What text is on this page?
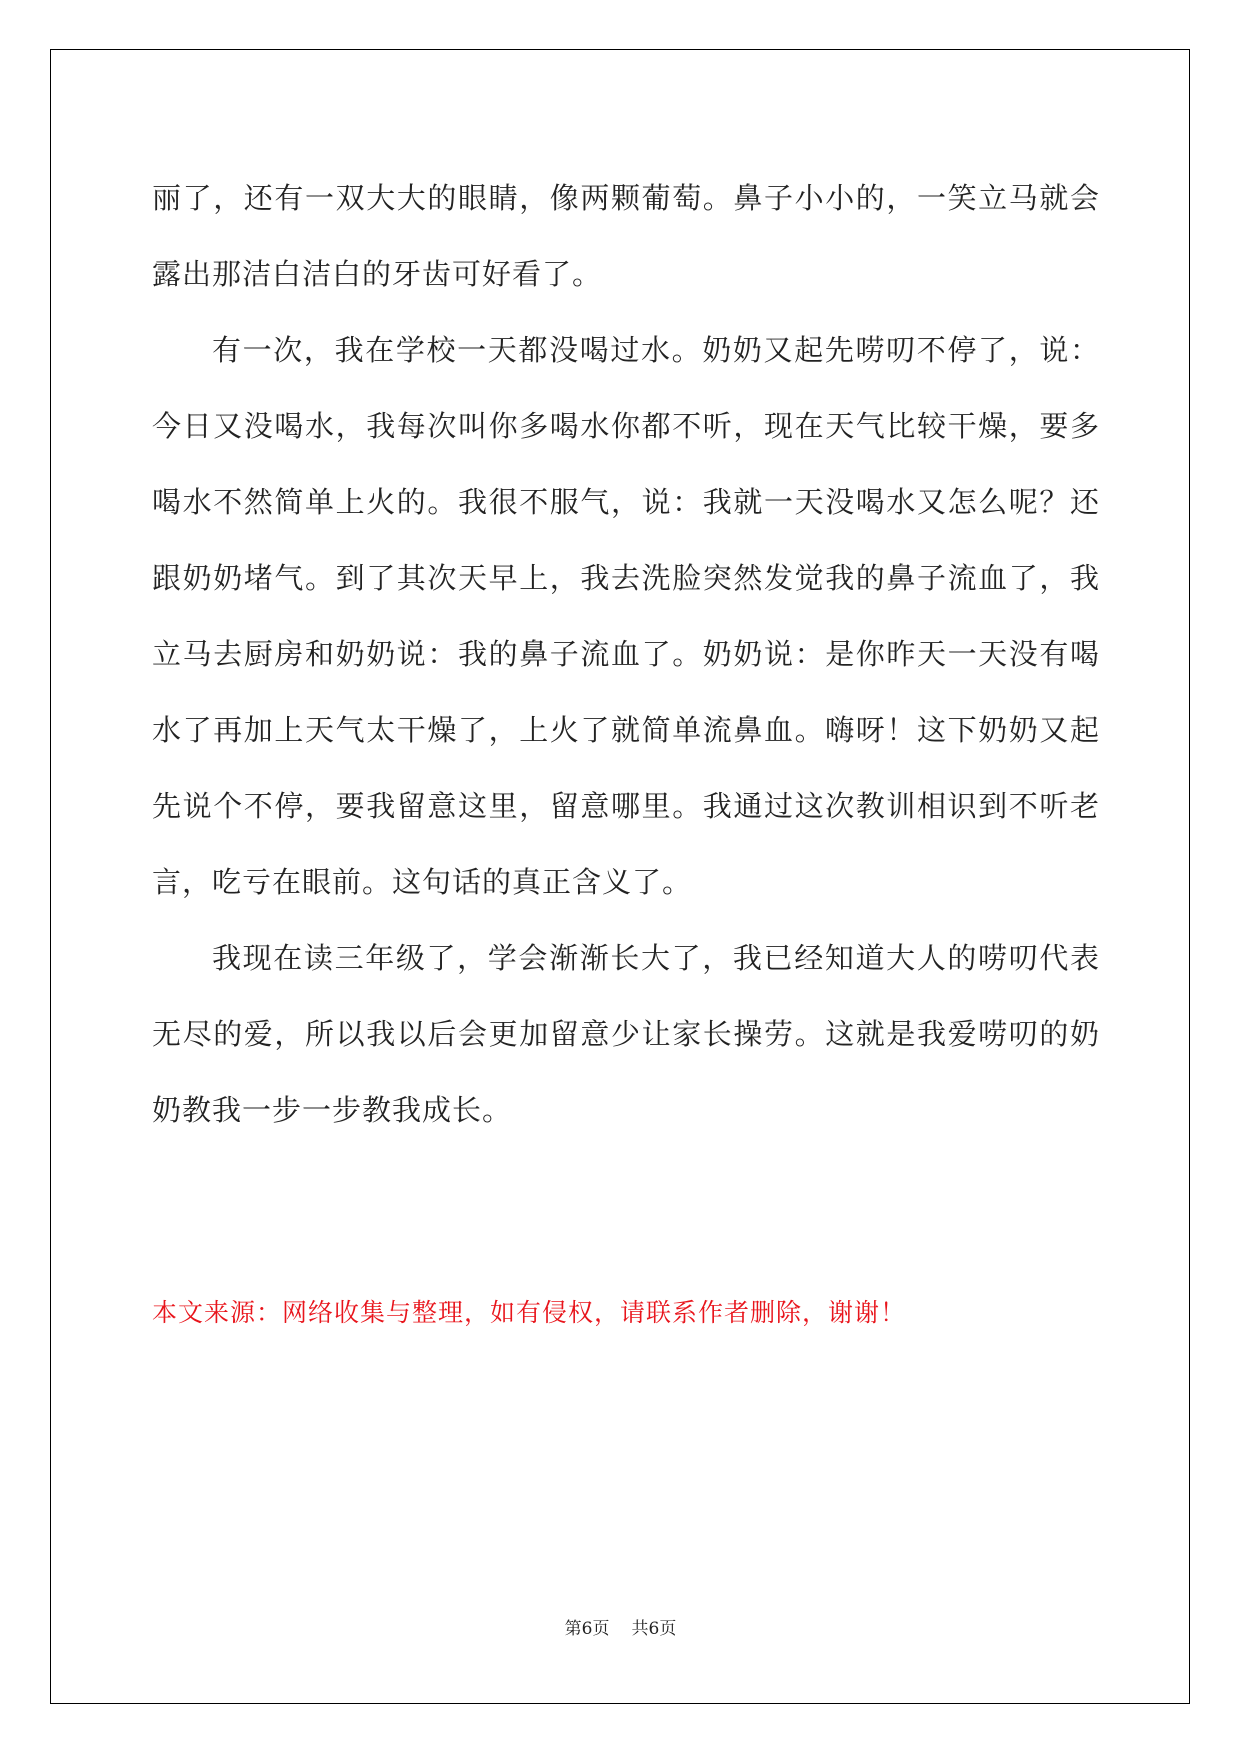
丽了，还有一双大大的眼睛，像两颗葡萄。鼻子小小的，一笑立马就会露出那洁白洁白的牙齿可好看了。

有一次，我在学校一天都没喝过水。奶奶又起先唠叨不停了，说：今日又没喝水，我每次叫你多喝水你都不听，现在天气比较干燥，要多喝水不然简单上火的。我很不服气，说：我就一天没喝水又怎么呢？还跟奶奶堵气。到了其次天早上，我去洗脸突然发觉我的鼻子流血了，我立马去厨房和奶奶说：我的鼻子流血了。奶奶说：是你昨天一天没有喝水了再加上天气太干燥了，上火了就简单流鼻血。嗨呀！这下奶奶又起先说个不停，要我留意这里，留意哪里。我通过这次教训相识到不听老言，吃亏在眼前。这句话的真正含义了。

我现在读三年级了，学会渐渐长大了，我已经知道大人的唠叨代表无尽的爱，所以我以后会更加留意少让家长操劳。这就是我爱唠叨的奶奶教我一步一步教我成长。

本文来源：网络收集与整理，如有侵权，请联系作者删除，谢谢！

第6页 共6页
